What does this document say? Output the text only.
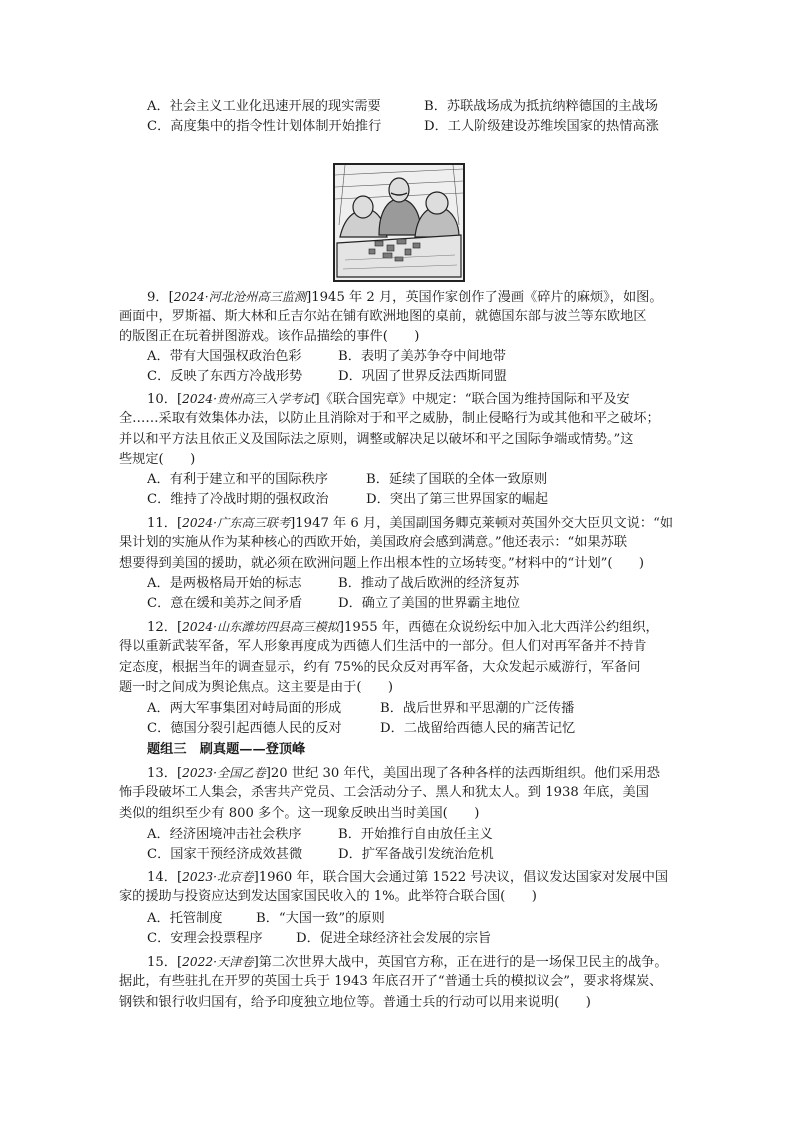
A．社会主义工业化迅速开展的现实需要	B．苏联战场成为抵抗纳粹德国的主战场
C．高度集中的指令性计划体制开始推行	D．工人阶级建设苏维埃国家的热情高涨
9．[2024·河北沧州高三监测]1945 年 2 月，英国作家创作了漫画《碎片的麻烦》，如图。
画面中，罗斯福、斯大林和丘吉尔站在铺有欧洲地图的桌前，就德国东部与波兰等东欧地区
的版图正在玩着拼图游戏。该作品描绘的事件(　　)
A．带有大国强权政治色彩	B．表明了美苏争夺中间地带
C．反映了东西方冷战形势	D．巩固了世界反法西斯同盟
10．[2024·贵州高三入学考试]《联合国宪章》中规定：“联合国为维持国际和平及安
全……采取有效集体办法，以防止且消除对于和平之威胁，制止侵略行为或其他和平之破坏；
并以和平方法且依正义及国际法之原则，调整或解决足以破坏和平之国际争端或情势。”这
些规定(　　)
A．有利于建立和平的国际秩序	B．延续了国联的全体一致原则
C．维持了冷战时期的强权政治	D．突出了第三世界国家的崛起
11．[2024·广东高三联考]1947 年 6 月，美国副国务卿克莱顿对英国外交大臣贝文说：“如
果计划的实施从作为某种核心的西欧开始，美国政府会感到满意。”他还表示：“如果苏联
想要得到美国的援助，就必须在欧洲问题上作出根本性的立场转变。”材料中的“计划”(　　)
A．是两极格局开始的标志	B．推动了战后欧洲的经济复苏
C．意在缓和美苏之间矛盾	D．确立了美国的世界霸主地位
12．[2024·山东潍坊四县高三模拟]1955 年，西德在众说纷纭中加入北大西洋公约组织，
得以重新武装军备，军人形象再度成为西德人们生活中的一部分。但人们对再军备并不持肯
定态度，根据当年的调查显示，约有 75%的民众反对再军备，大众发起示威游行，军备问
题一时之间成为舆论焦点。这主要是由于(　　)
A．两大军事集团对峙局面的形成	B．战后世界和平思潮的广泛传播
C．德国分裂引起西德人民的反对	D．二战留给西德人民的痛苦记忆
题组三　刷真题——登顶峰
13．[2023·全国乙卷]20 世纪 30 年代，美国出现了各种各样的法西斯组织。他们采用恐
怖手段破坏工人集会，杀害共产党员、工会活动分子、黑人和犹太人。到 1938 年底，美国
类似的组织至少有 800 多个。这一现象反映出当时美国(　　)
A．经济困境冲击社会秩序	B．开始推行自由放任主义
C．国家干预经济成效甚微	D．扩军备战引发统治危机
14．[2023·北京卷]1960 年，联合国大会通过第 1522 号决议，倡议发达国家对发展中国
家的援助与投资应达到发达国家国民收入的 1%。此举符合联合国(　　)
A．托管制度	B．“大国一致”的原则
C．安理会投票程序	D．促进全球经济社会发展的宗旨
15．[2022·天津卷]第二次世界大战中，英国官方称，正在进行的是一场保卫民主的战争。
据此，有些驻扎在开罗的英国士兵于 1943 年底召开了“普通士兵的模拟议会”，要求将煤炭、
钢铁和银行收归国有，给予印度独立地位等。普通士兵的行动可以用来说明(　　)
